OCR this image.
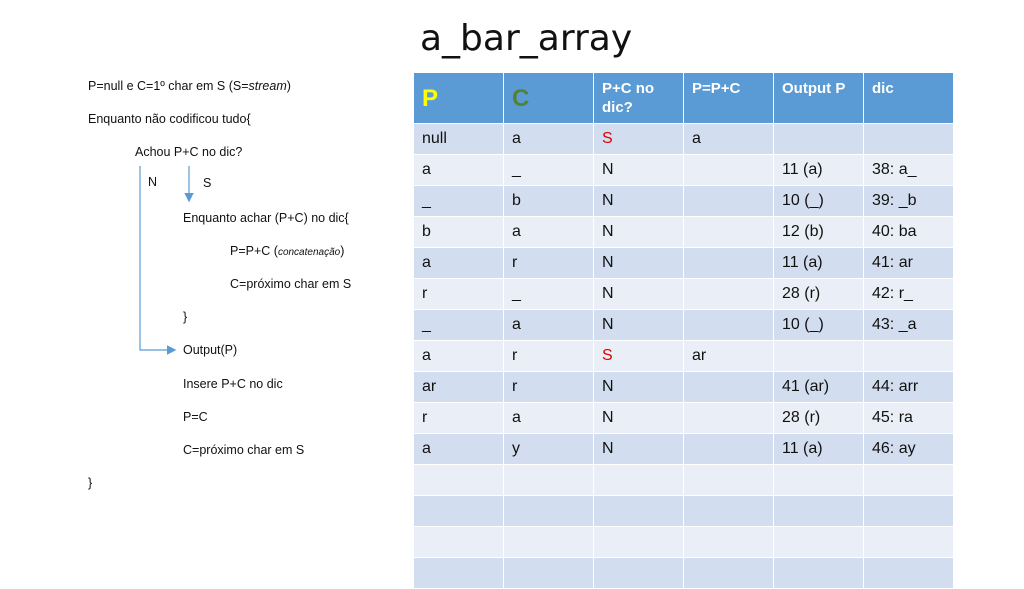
a_bar_array
P=null e C=1º char em S (S=stream)
Enquanto não codificou tudo{
Achou P+C no dic?
N	S
Enquanto achar (P+C) no dic{
P=P+C (concatenação)
C=próximo char em S
}
Output(P)
Insere P+C no dic
P=C
C=próximo char em S
}
P	C	P+C no dic?	P=P+C	Output P	dic
null	a	S	a		
a	_	N		11 (a)	38: a_
_	b	N		10 (_)	39: _b
b	a	N		12 (b)	40: ba
a	r	N		11 (a)	41: ar
r	_	N		28 (r)	42: r_
_	a	N		10 (_)	43: _a
a	r	S	ar		
ar	r	N		41 (ar)	44: arr
r	a	N		28 (r)	45: ra
a	y	N		11 (a)	46: ay
